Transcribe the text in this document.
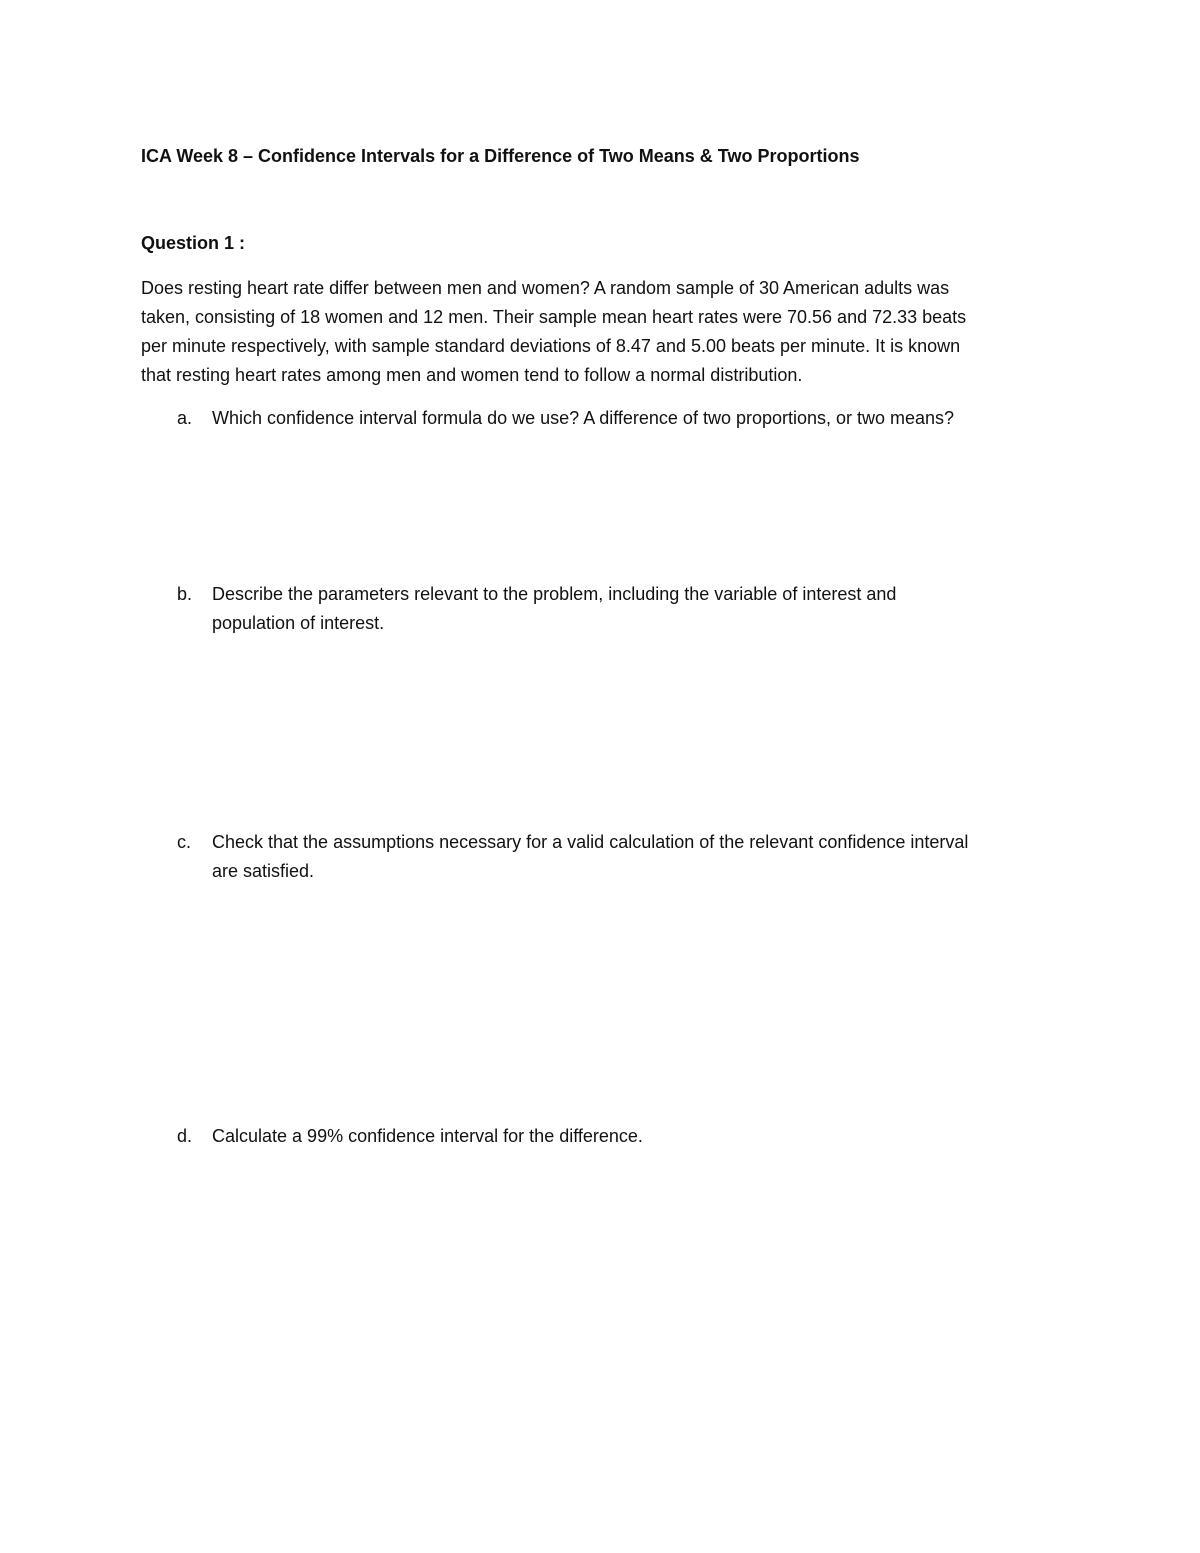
ICA Week 8 – Confidence Intervals for a Difference of Two Means & Two Proportions
Question 1 :
Does resting heart rate differ between men and women? A random sample of 30 American adults was
taken, consisting of 18 women and 12 men. Their sample mean heart rates were 70.56 and 72.33 beats
per minute respectively, with sample standard deviations of 8.47 and 5.00 beats per minute. It is known
that resting heart rates among men and women tend to follow a normal distribution.
a. Which confidence interval formula do we use? A difference of two proportions, or two means?
b. Describe the parameters relevant to the problem, including the variable of interest and
population of interest.
c. Check that the assumptions necessary for a valid calculation of the relevant confidence interval
are satisfied.
d. Calculate a 99% confidence interval for the difference.
